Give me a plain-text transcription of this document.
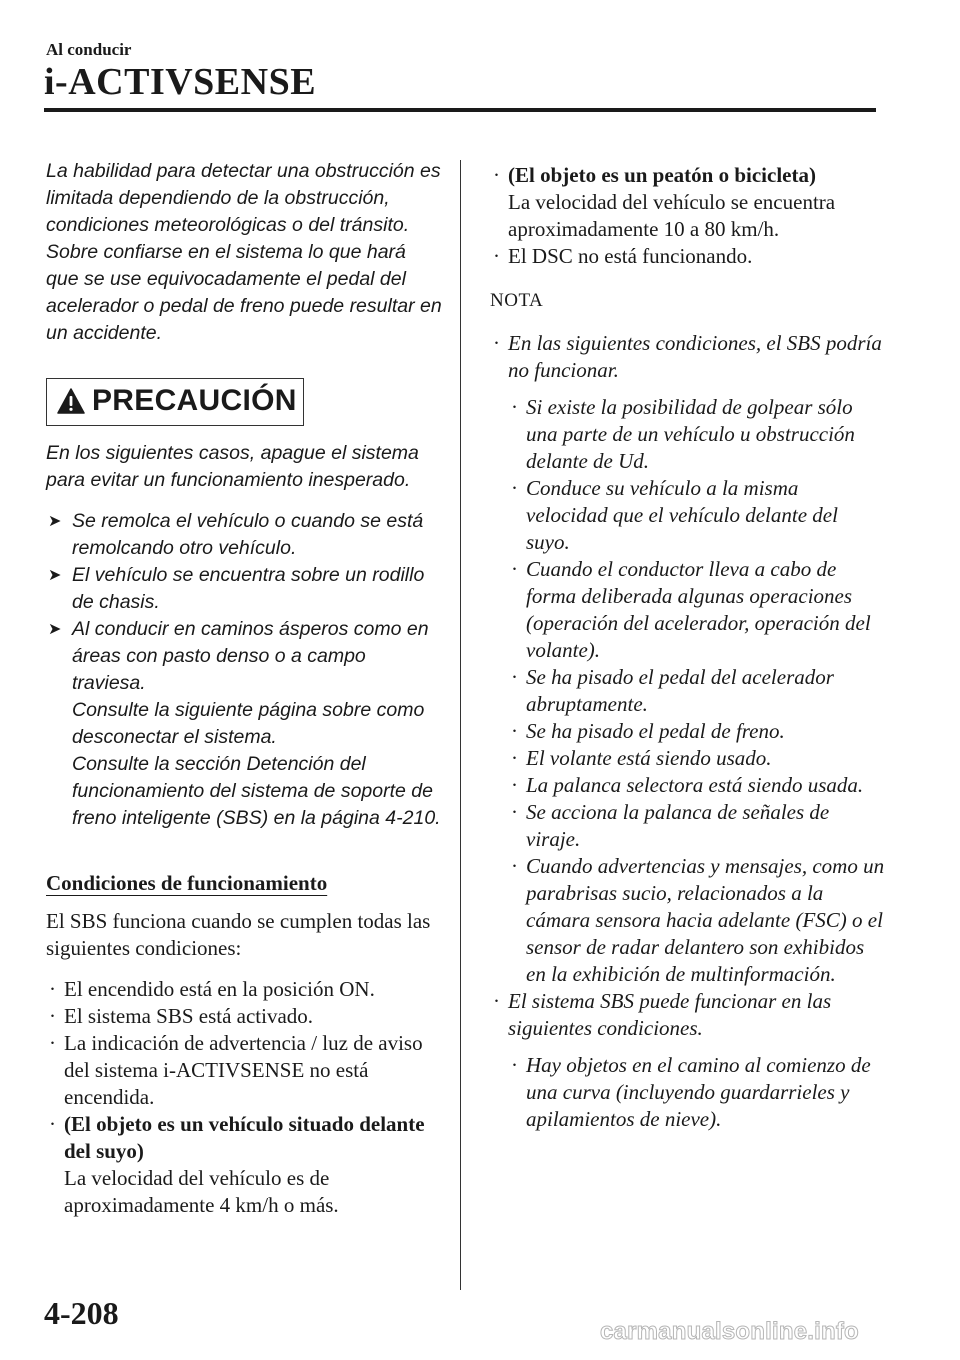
Al conducir
i-ACTIVSENSE
La habilidad para detectar una obstrucción es limitada dependiendo de la obstrucción, condiciones meteorológicas o del tránsito. Sobre confiarse en el sistema lo que hará que se use equivocadamente el pedal del acelerador o pedal de freno puede resultar en un accidente.
PRECAUCIÓN
En los siguientes casos, apague el sistema para evitar un funcionamiento inesperado.
➤ Se remolca el vehículo o cuando se está remolcando otro vehículo.
➤ El vehículo se encuentra sobre un rodillo de chasis.
➤ Al conducir en caminos ásperos como en áreas con pasto denso o a campo traviesa.
Consulte la siguiente página sobre como desconectar el sistema.
Consulte la sección Detención del funcionamiento del sistema de soporte de freno inteligente (SBS) en la página 4-210.
Condiciones de funcionamiento
El SBS funciona cuando se cumplen todas las siguientes condiciones:
· El encendido está en la posición ON.
· El sistema SBS está activado.
· La indicación de advertencia / luz de aviso del sistema i-ACTIVSENSE no está encendida.
· (El objeto es un vehículo situado delante del suyo)
La velocidad del vehículo es de aproximadamente 4 km/h o más.
· (El objeto es un peatón o bicicleta)
La velocidad del vehículo se encuentra aproximadamente 10 a 80 km/h.
· El DSC no está funcionando.
NOTA
· En las siguientes condiciones, el SBS podría no funcionar.
· Si existe la posibilidad de golpear sólo una parte de un vehículo u obstrucción delante de Ud.
· Conduce su vehículo a la misma velocidad que el vehículo delante del suyo.
· Cuando el conductor lleva a cabo de forma deliberada algunas operaciones (operación del acelerador, operación del volante).
· Se ha pisado el pedal del acelerador abruptamente.
· Se ha pisado el pedal de freno.
· El volante está siendo usado.
· La palanca selectora está siendo usada.
· Se acciona la palanca de señales de viraje.
· Cuando advertencias y mensajes, como un parabrisas sucio, relacionados a la cámara sensora hacia adelante (FSC) o el sensor de radar delantero son exhibidos en la exhibición de multinformación.
· El sistema SBS puede funcionar en las siguientes condiciones.
· Hay objetos en el camino al comienzo de una curva (incluyendo guardarrieles y apilamientos de nieve).
4-208
carmanualsonline.info
